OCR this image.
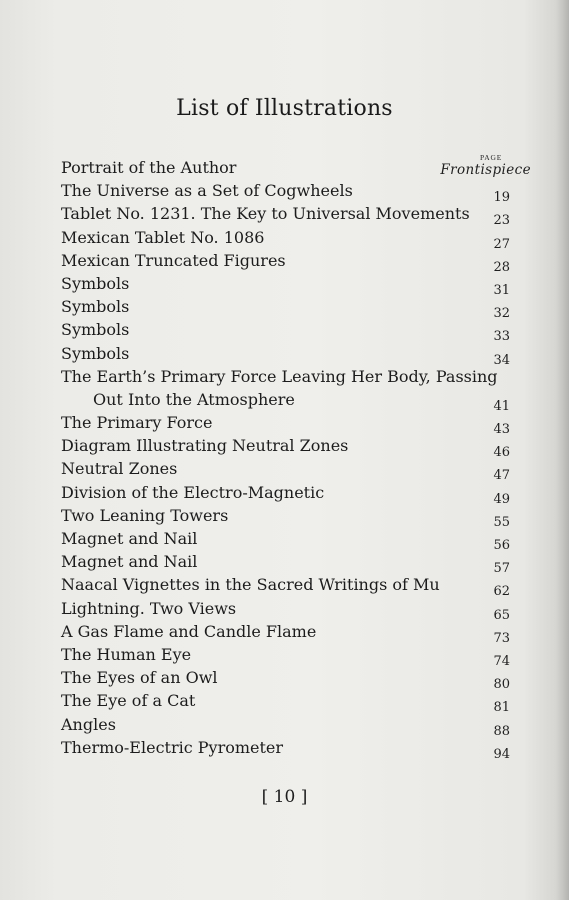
List of Illustrations
PAGE
Portrait of the Author	Frontispiece
The Universe as a Set of Cogwheels	19
Tablet No. 1231. The Key to Universal Movements 23
Mexican Tablet No. 1086	27
Mexican Truncated Figures	28
Symbols	31
Symbols	32
Symbols	33
Symbols	34
The Earth’s Primary Force Leaving Her Body, Passing
Out Into the Atmosphere	41
The Primary Force	43
Diagram Illustrating Neutral Zones	46
Neutral Zones	47
Division of the Electro-Magnetic	49
Two Leaning Towers	55
Magnet and Nail	56
Magnet and Nail	57
Naacal Vignettes in the Sacred Writings of Mu	62
Lightning. Two Views	65
A Gas Flame and Candle Flame	73
The Human Eye	74
The Eyes of an Owl	80
The Eye of a Cat	81
Angles	88
Thermo-Electric Pyrometer	94
[ 10 ]
